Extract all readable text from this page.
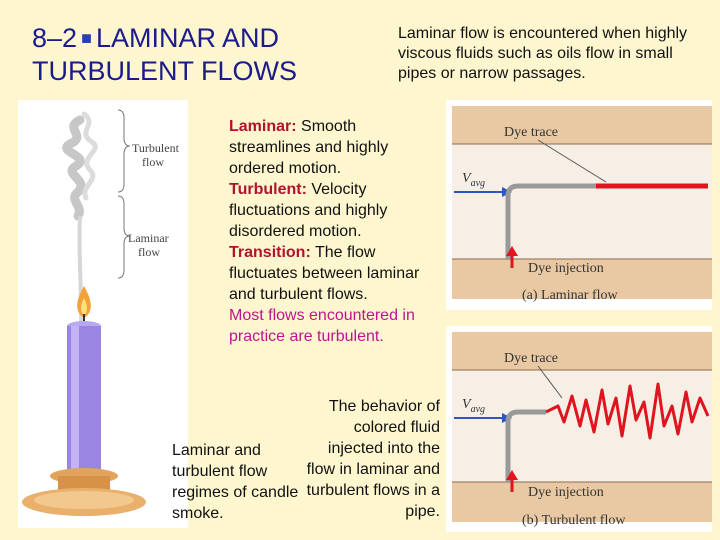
8–2 ■ LAMINAR AND
TURBULENT FLOWS
Laminar flow is encountered when highly viscous fluids such as oils flow in small pipes or narrow passages.
Turbulent
flow
Laminar
flow
Laminar: Smooth streamlines and highly ordered motion.
Turbulent: Velocity fluctuations and highly disordered motion.
Transition: The flow fluctuates between laminar and turbulent flows.
Most flows encountered in practice are turbulent.
Laminar and turbulent flow regimes of candle smoke.
The behavior of colored fluid injected into the flow in laminar and turbulent flows in a pipe.
Dye trace
$V_{avg}$
Dye injection
(a) Laminar flow
Dye trace
$V_{avg}$
Dye injection
(b) Turbulent flow
